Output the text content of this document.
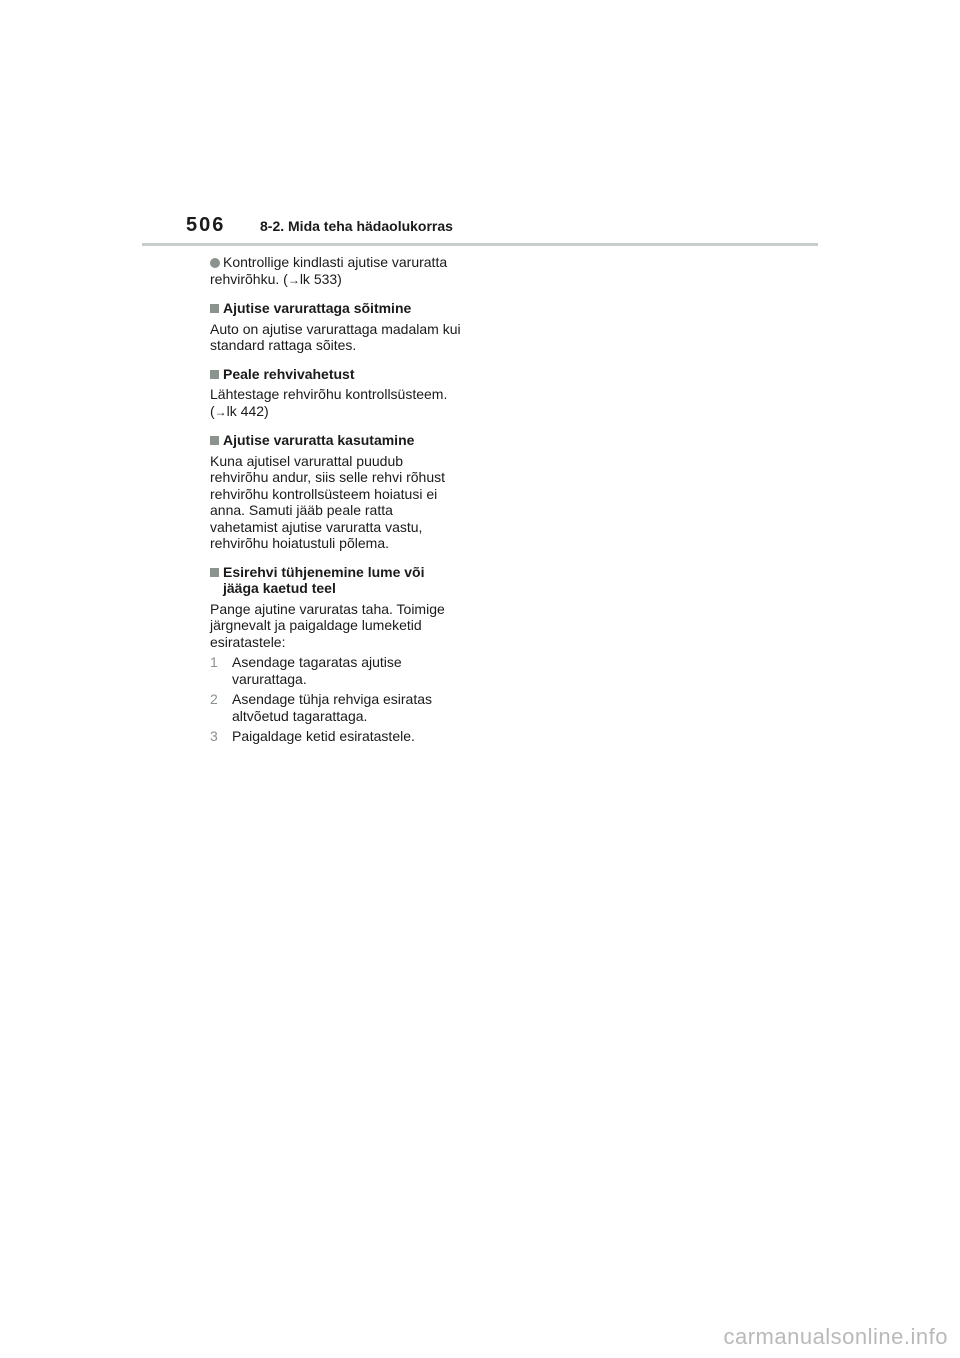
506	8-2. Mida teha hädaolukorras
Kontrollige kindlasti ajutise varuratta
rehvirõhku. (→lk 533)
Ajutise varurattaga sõitmine
Auto on ajutise varurattaga madalam kui
standard rattaga sõites.
Peale rehvivahetust
Lähtestage rehvirõhu kontrollsüsteem.
(→lk 442)
Ajutise varuratta kasutamine
Kuna ajutisel varurattal puudub
rehvirõhu andur, siis selle rehvi rõhust
rehvirõhu kontrollsüsteem hoiatusi ei
anna. Samuti jääb peale ratta
vahetamist ajutise varuratta vastu,
rehvirõhu hoiatustuli põlema.
Esirehvi tühjenemine lume või
jääga kaetud teel
Pange ajutine varuratas taha. Toimige
järgnevalt ja paigaldage lumeketid
esiratastele:
1	Asendage tagaratas ajutise
varurattaga.
2	Asendage tühja rehviga esiratas
altvõetud tagarattaga.
3	Paigaldage ketid esiratastele.
carmanualsonline.info
